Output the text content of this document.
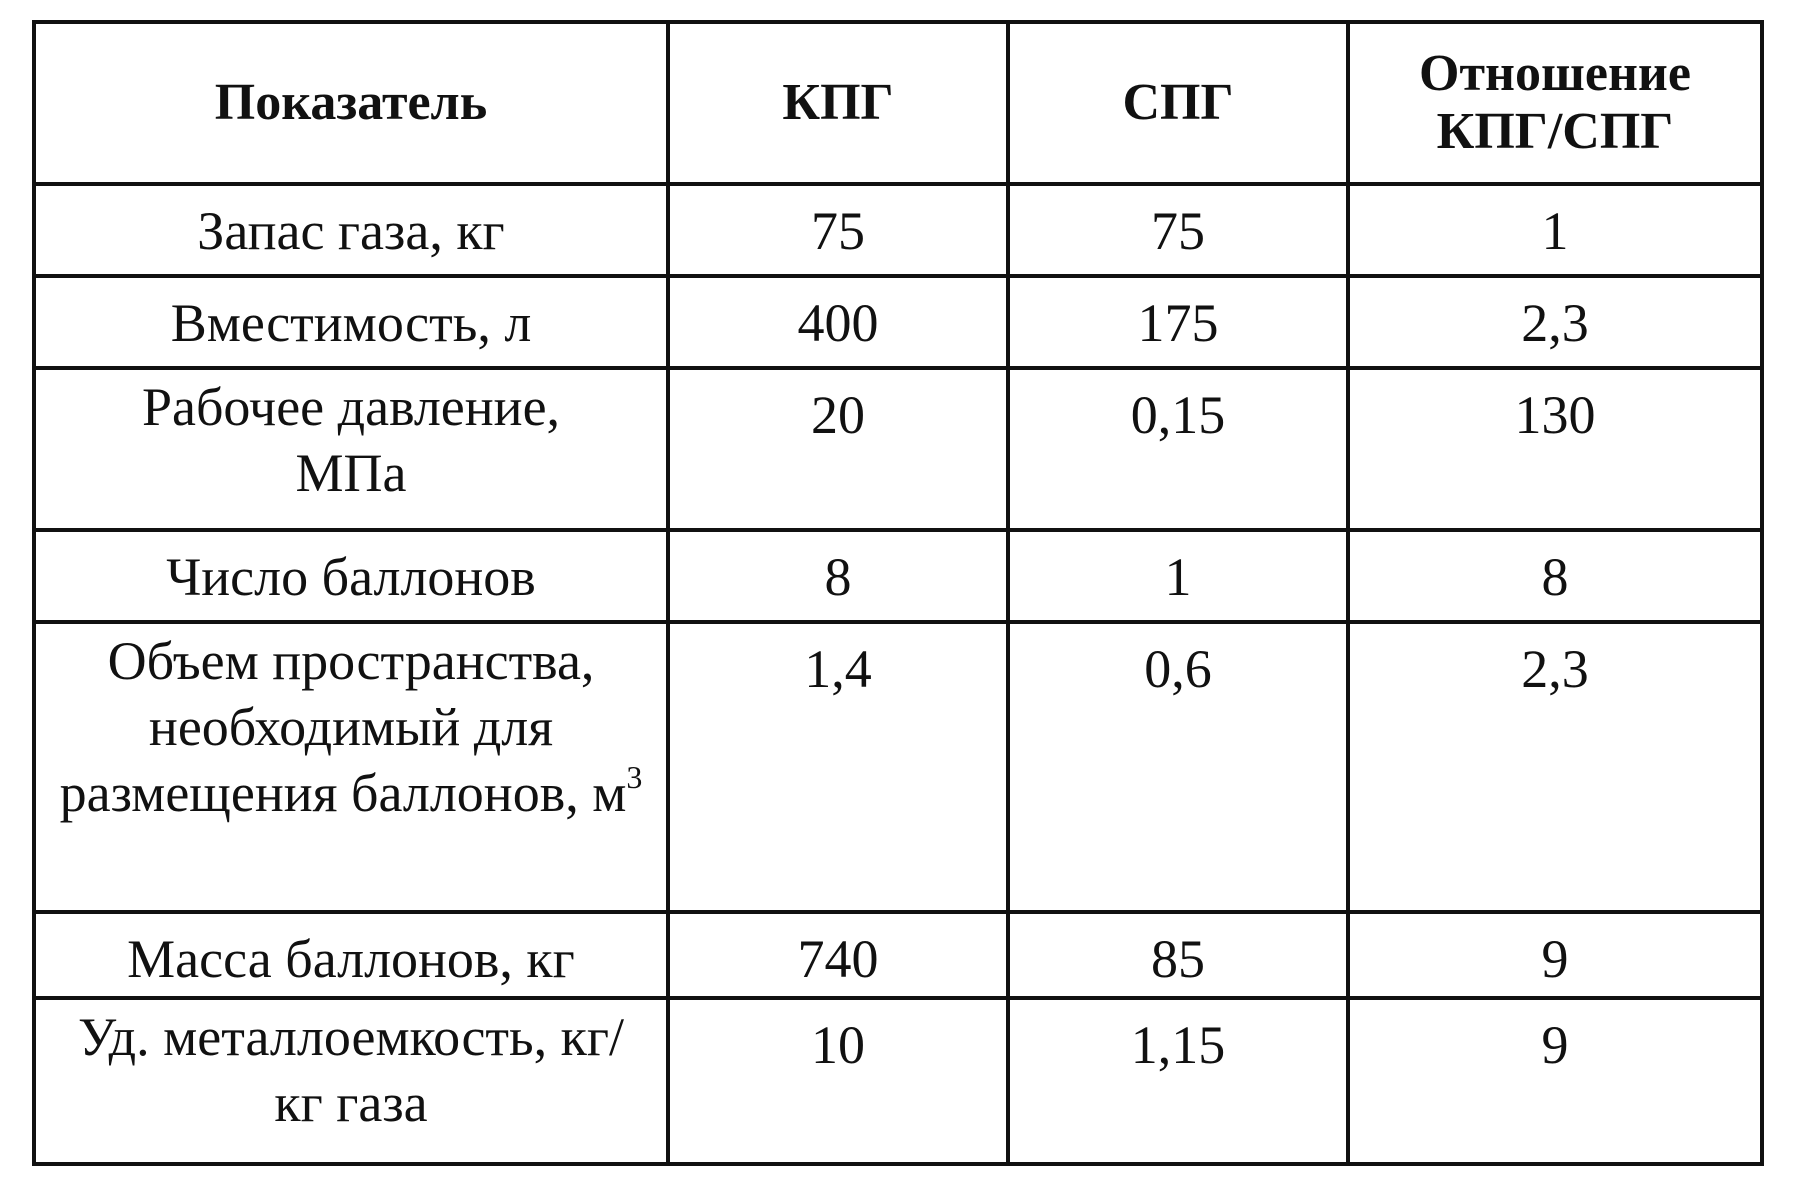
Показатель	КПГ	СПГ	Отношение КПГ/СПГ
Запас газа, кг	75	75	1
Вместимость, л	400	175	2,3
Рабочее давление, МПа	20	0,15	130
Число баллонов	8	1	8
Объем пространства, необходимый для размещения баллонов, $м^3$	1,4	0,6	2,3
Масса баллонов, кг	740	85	9
Уд. металлоемкость, кг/кг газа	10	1,15	9
